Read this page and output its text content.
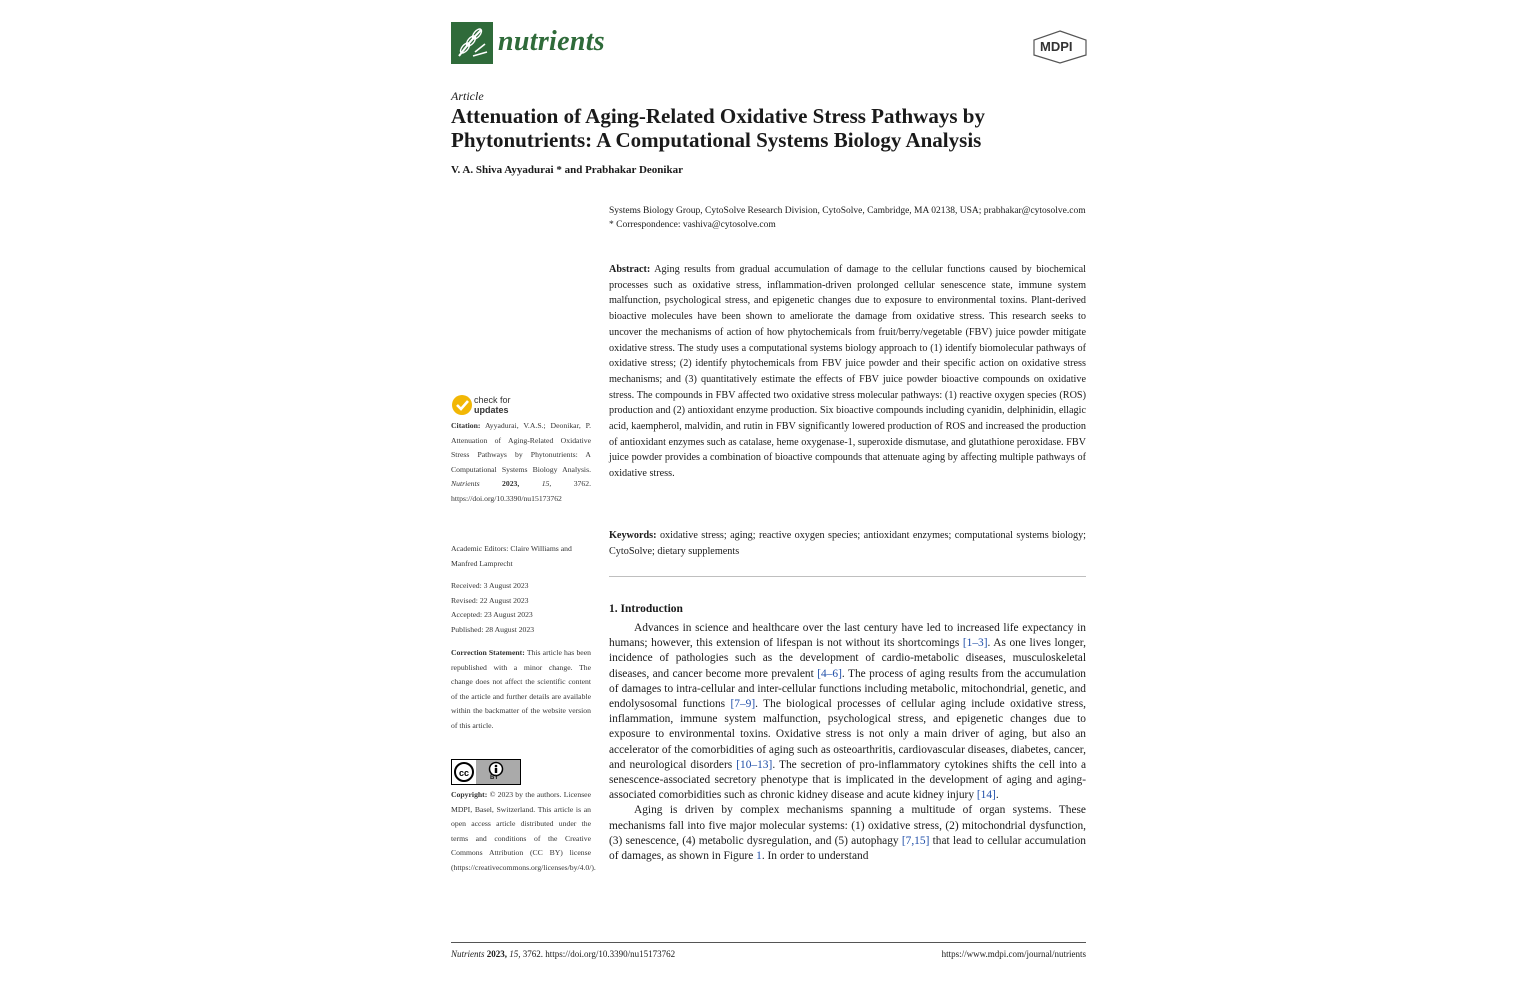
nutrients	MDPI
Article
Attenuation of Aging-Related Oxidative Stress Pathways by Phytonutrients: A Computational Systems Biology Analysis
V. A. Shiva Ayyadurai * and Prabhakar Deonikar
Systems Biology Group, CytoSolve Research Division, CytoSolve, Cambridge, MA 02138, USA; prabhakar@cytosolve.com
* Correspondence: vashiva@cytosolve.com
Abstract: Aging results from gradual accumulation of damage to the cellular functions caused by biochemical processes such as oxidative stress, inflammation-driven prolonged cellular senescence state, immune system malfunction, psychological stress, and epigenetic changes due to exposure to environmental toxins. Plant-derived bioactive molecules have been shown to ameliorate the damage from oxidative stress. This research seeks to uncover the mechanisms of action of how phytochemicals from fruit/berry/vegetable (FBV) juice powder mitigate oxidative stress. The study uses a computational systems biology approach to (1) identify biomolecular pathways of oxidative stress; (2) identify phytochemicals from FBV juice powder and their specific action on oxidative stress mechanisms; and (3) quantitatively estimate the effects of FBV juice powder bioactive compounds on oxidative stress. The compounds in FBV affected two oxidative stress molecular pathways: (1) reactive oxygen species (ROS) production and (2) antioxidant enzyme production. Six bioactive compounds including cyanidin, delphinidin, ellagic acid, kaempherol, malvidin, and rutin in FBV significantly lowered production of ROS and increased the production of antioxidant enzymes such as catalase, heme oxygenase-1, superoxide dismutase, and glutathione peroxidase. FBV juice powder provides a combination of bioactive compounds that attenuate aging by affecting multiple pathways of oxidative stress.
Keywords: oxidative stress; aging; reactive oxygen species; antioxidant enzymes; computational systems biology; CytoSolve; dietary supplements
1. Introduction

Advances in science and healthcare over the last century have led to increased life expectancy in humans; however, this extension of lifespan is not without its shortcomings [1–3]. As one lives longer, incidence of pathologies such as the development of cardio-metabolic diseases, musculoskeletal diseases, and cancer become more prevalent [4–6]. The process of aging results from the accumulation of damages to intra-cellular and inter-cellular functions including metabolic, mitochondrial, genetic, and endolysosomal functions [7–9]. The biological processes of cellular aging include oxidative stress, inflammation, immune system malfunction, psychological stress, and epigenetic changes due to exposure to environmental toxins. Oxidative stress is not only a main driver of aging, but also an accelerator of the comorbidities of aging such as osteoarthritis, cardiovascular diseases, diabetes, cancer, and neurological disorders [10–13]. The secretion of pro-inflammatory cytokines shifts the cell into a senescence-associated secretory phenotype that is implicated in the development of aging and aging-associated comorbidities such as chronic kidney disease and acute kidney injury [14].

Aging is driven by complex mechanisms spanning a multitude of organ systems. These mechanisms fall into five major molecular systems: (1) oxidative stress, (2) mitochondrial dysfunction, (3) senescence, (4) metabolic dysregulation, and (5) autophagy [7,15] that lead to cellular accumulation of damages, as shown in Figure 1. In order to understand

check for
updates
Citation: Ayyadurai, V.A.S.; Deonikar, P. Attenuation of Aging-Related Oxidative Stress Pathways by Phytonutrients: A Computational Systems Biology Analysis. Nutrients	2023,	15,	3762. https://doi.org/10.3390/nu15173762
Academic Editors: Claire Williams and Manfred Lamprecht
Received: 3 August 2023
Revised: 22 August 2023
Accepted: 23 August 2023
Published: 28 August 2023
Correction Statement: This article has been republished with a minor change. The change does not affect the scientific content of the article and further details are available within the backmatter of the website version of this article.
cc	BY
Copyright: © 2023 by the authors. Licensee MDPI, Basel, Switzerland. This article is an open access article distributed under the terms and conditions of the Creative Commons Attribution (CC BY) license (https://creativecommons.org/licenses/by/4.0/).
Nutrients 2023, 15, 3762. https://doi.org/10.3390/nu15173762	https://www.mdpi.com/journal/nutrients
